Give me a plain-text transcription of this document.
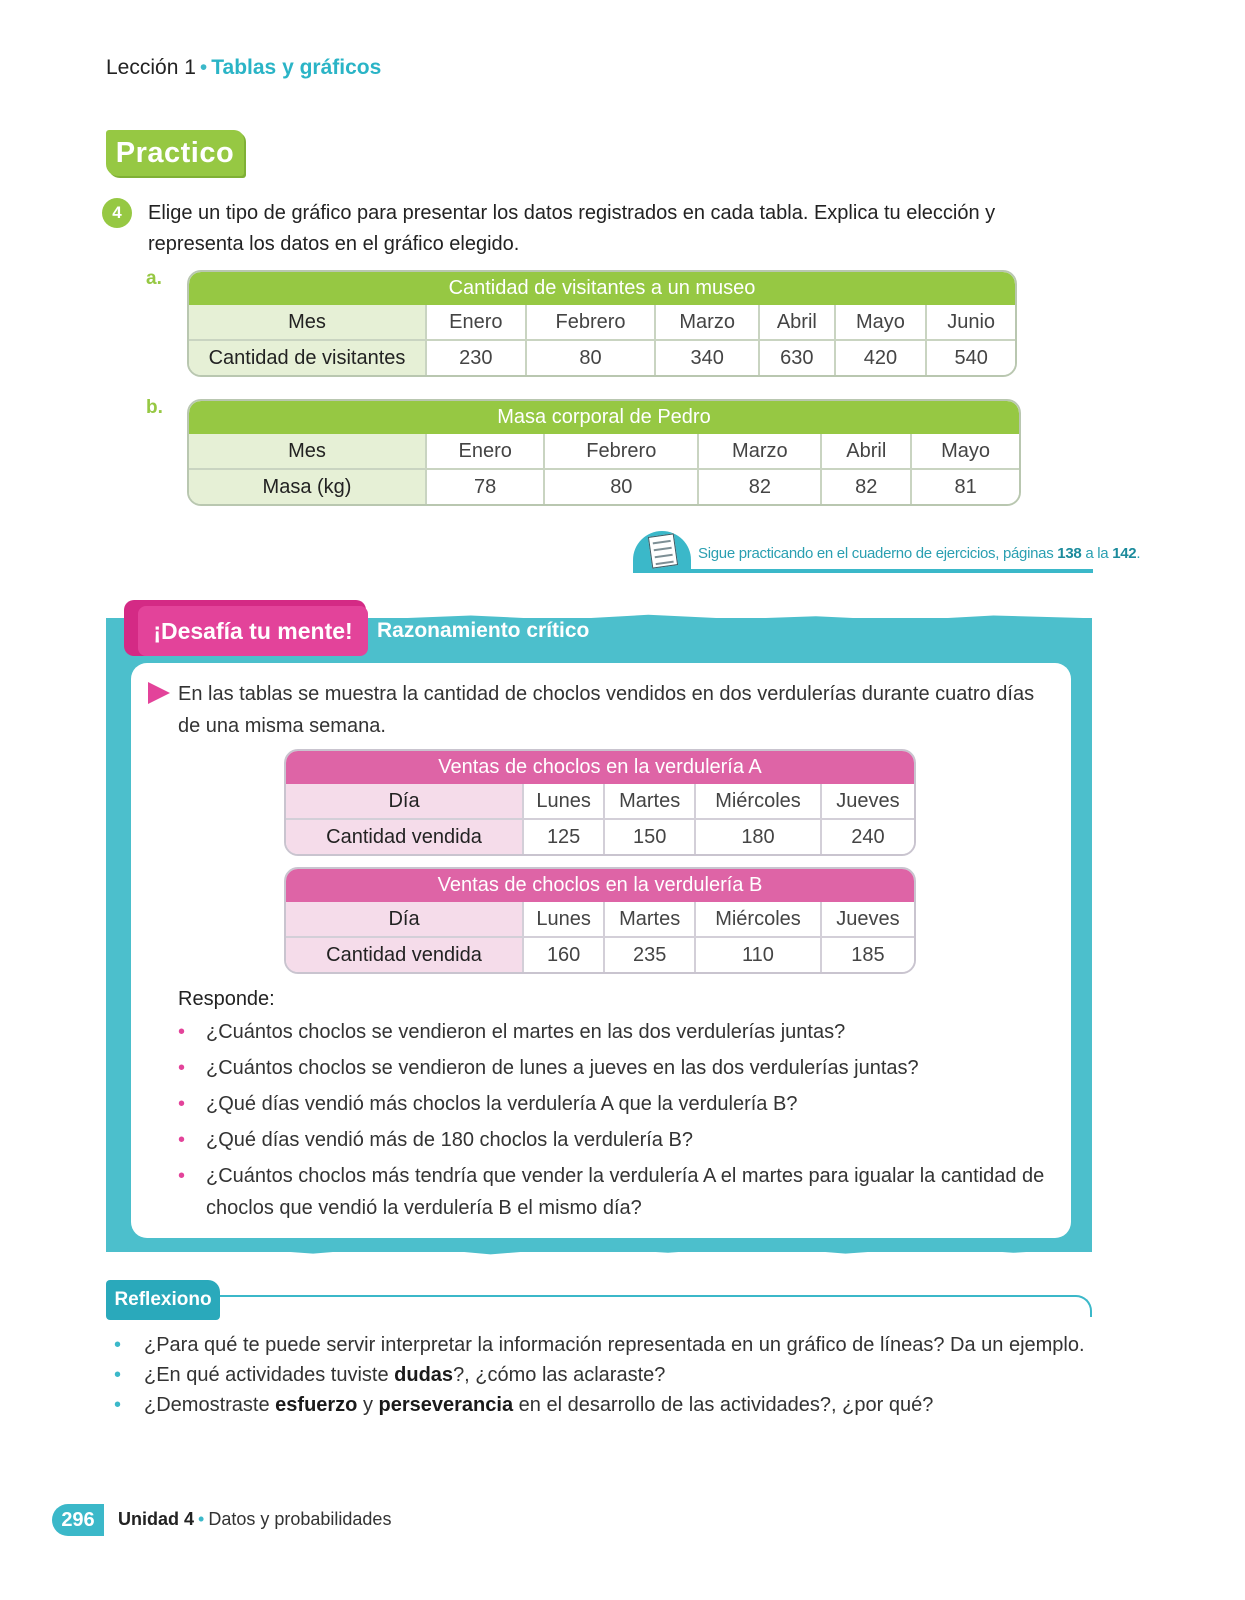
Lección 1 • Tablas y gráficos
Practico
4	Elige un tipo de gráfico para presentar los datos registrados en cada tabla. Explica tu elección y representa los datos en el gráfico elegido.
a.	Cantidad de visitantes a un museo						
Mes	Enero	Febrero	Marzo	Abril	Mayo	Junio
Cantidad de visitantes	230	80	340	630	420	540
b.	Masa corporal de Pedro					
Mes	Enero	Febrero	Marzo	Abril	Mayo
Masa (kg)	78	80	82	82	81
Sigue practicando en el cuaderno de ejercicios, páginas 138 a la 142.
¡Desafía tu mente!	Razonamiento crítico
En las tablas se muestra la cantidad de choclos vendidos en dos verdulerías durante cuatro días de una misma semana.
Ventas de choclos en la verdulería A				
Día	Lunes	Martes	Miércoles	Jueves
Cantidad vendida	125	150	180	240
Ventas de choclos en la verdulería B				
Día	Lunes	Martes	Miércoles	Jueves
Cantidad vendida	160	235	110	185
Responde:
• ¿Cuántos choclos se vendieron el martes en las dos verdulerías juntas?
• ¿Cuántos choclos se vendieron de lunes a jueves en las dos verdulerías juntas?
• ¿Qué días vendió más choclos la verdulería A que la verdulería B?
• ¿Qué días vendió más de 180 choclos la verdulería B?
• ¿Cuántos choclos más tendría que vender la verdulería A el martes para igualar la cantidad de choclos que vendió la verdulería B el mismo día?
Reflexiono
• ¿Para qué te puede servir interpretar la información representada en un gráfico de líneas? Da un ejemplo.
• ¿En qué actividades tuviste dudas?, ¿cómo las aclaraste?
• ¿Demostraste esfuerzo y perseverancia en el desarrollo de las actividades?, ¿por qué?
296	Unidad 4 • Datos y probabilidades
